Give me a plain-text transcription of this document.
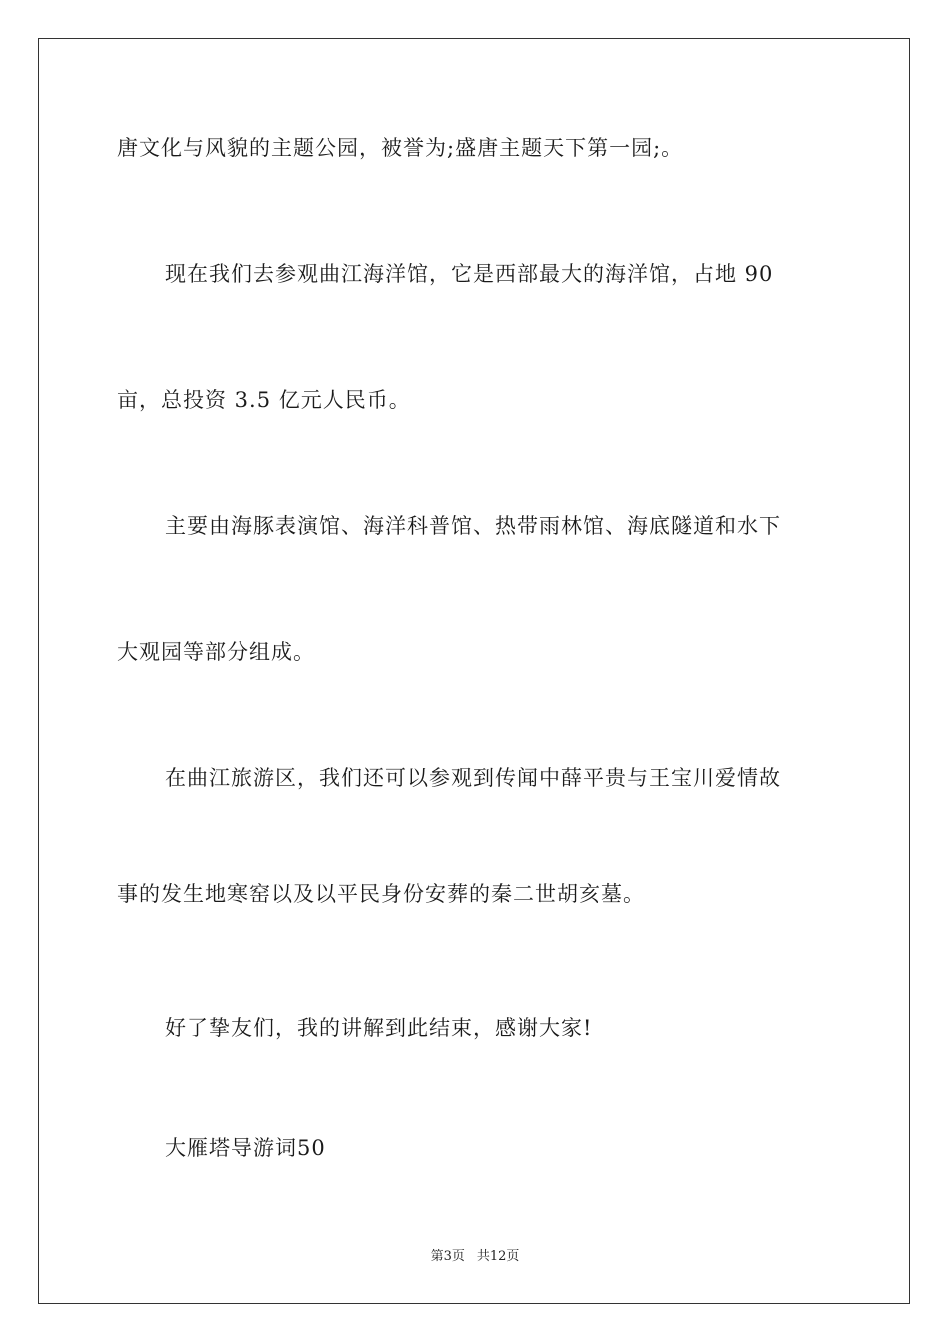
唐文化与风貌的主题公园，被誉为;盛唐主题天下第一园;。
现在我们去参观曲江海洋馆，它是西部最大的海洋馆，占地 90
亩，总投资 3.5 亿元人民币。
主要由海豚表演馆、海洋科普馆、热带雨林馆、海底隧道和水下
大观园等部分组成。
在曲江旅游区，我们还可以参观到传闻中薛平贵与王宝川爱情故
事的发生地寒窑以及以平民身份安葬的秦二世胡亥墓。
好了挚友们，我的讲解到此结束，感谢大家!
大雁塔导游词50
第3页 共12页
